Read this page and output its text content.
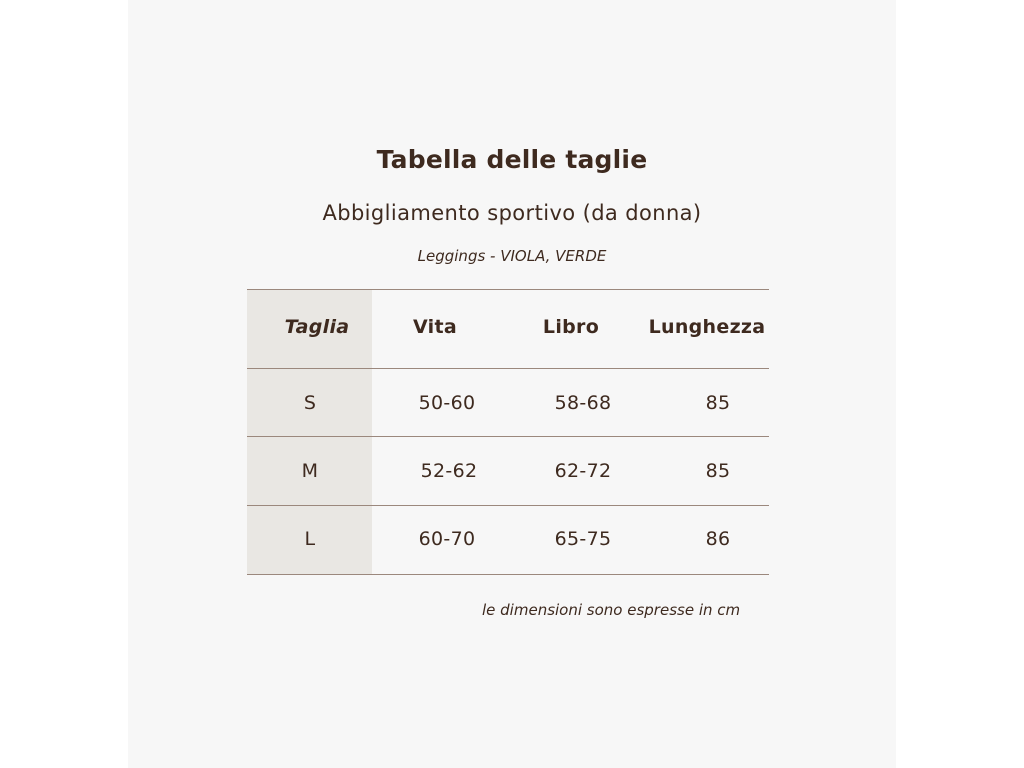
Tabella delle taglie
Abbigliamento sportivo (da donna)
Leggings - VIOLA, VERDE
Taglia	Vita	Libro	Lunghezza
S	50-60	58-68	85
M	52-62	62-72	85
L	60-70	65-75	86
le dimensioni sono espresse in cm
